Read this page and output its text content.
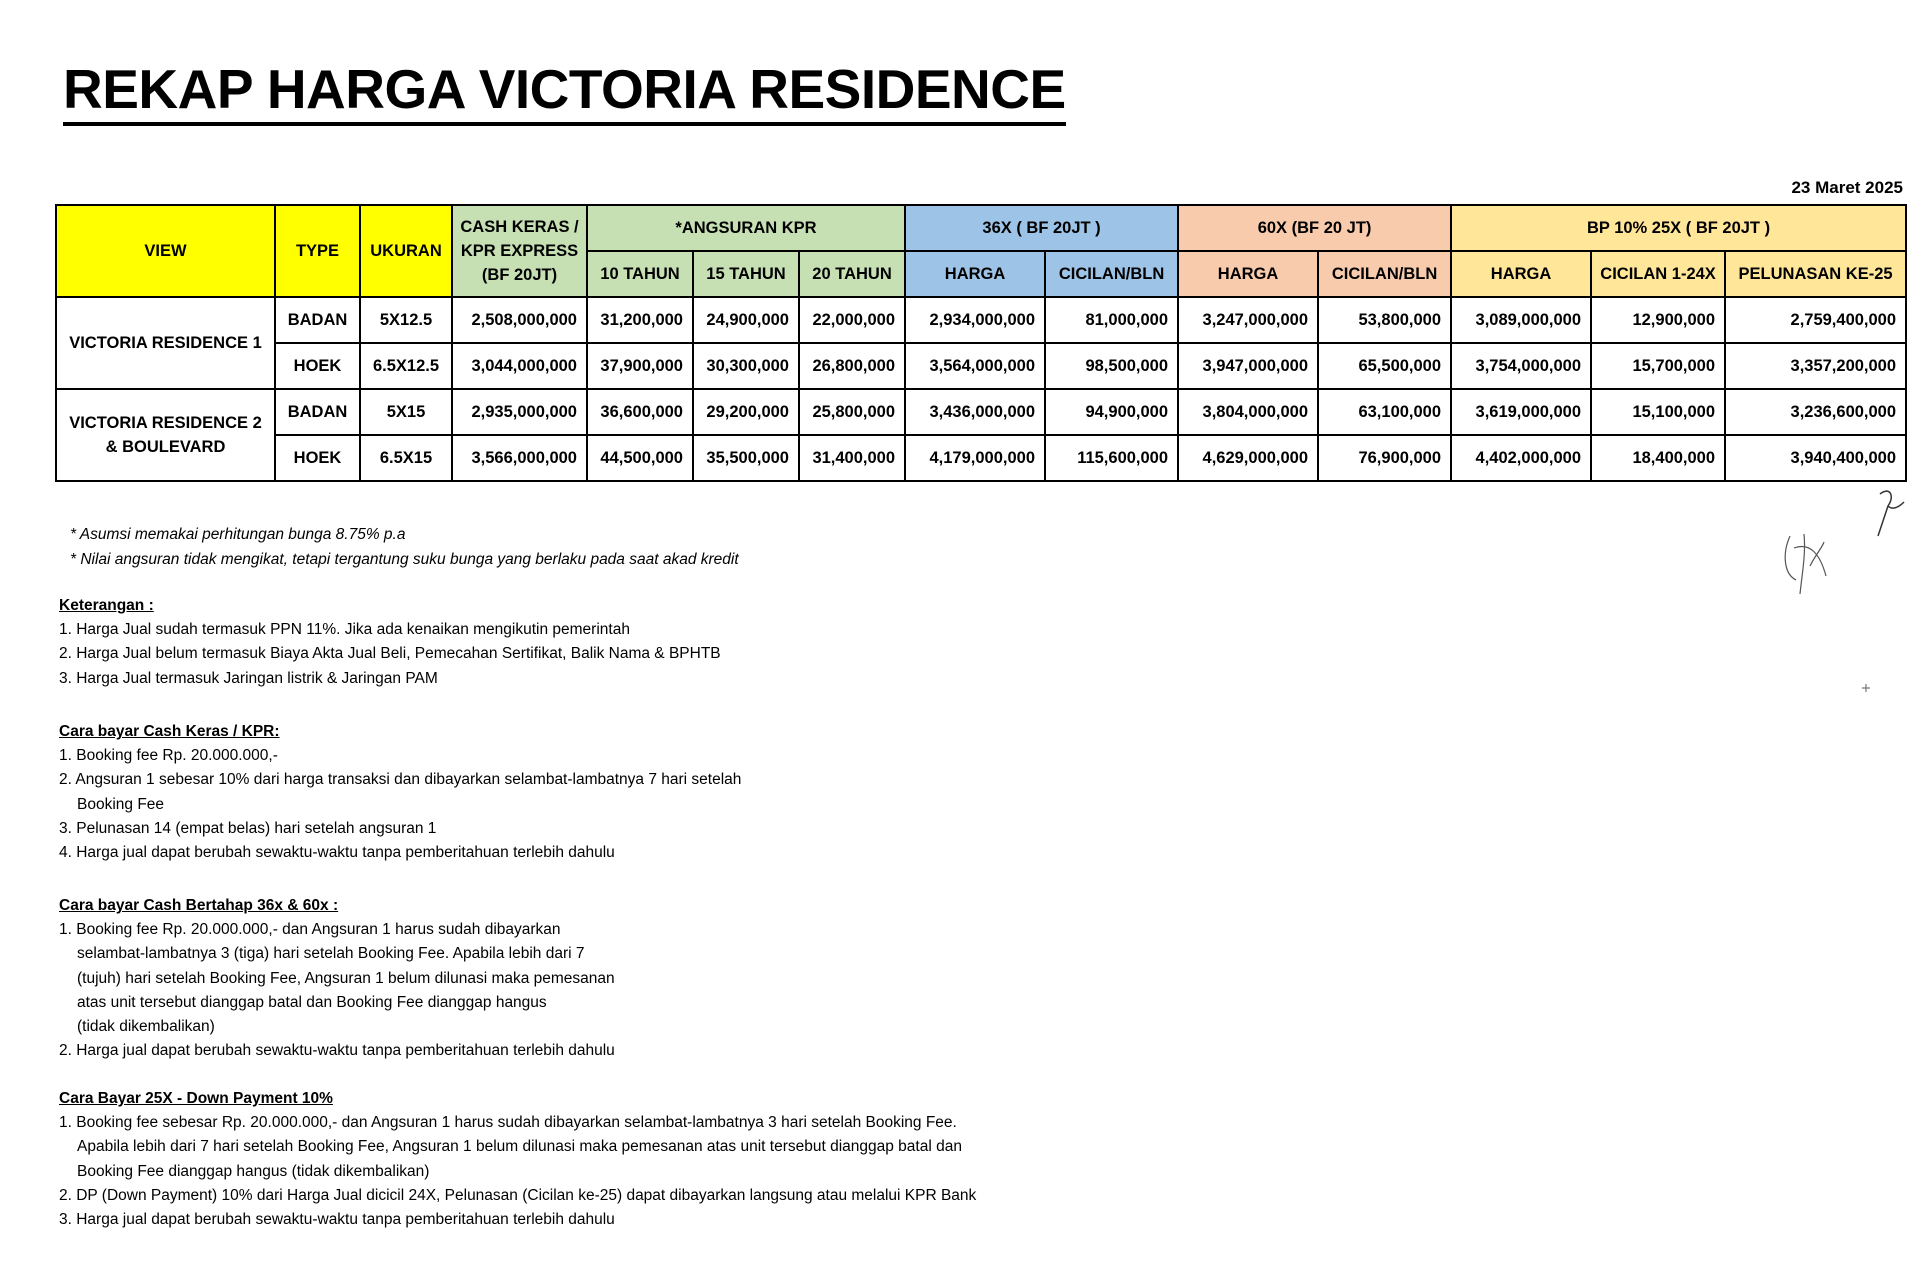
REKAP HARGA VICTORIA RESIDENCE
23 Maret 2025
VIEW	TYPE	UKURAN	CASH KERAS /
KPR EXPRESS
(BF 20JT)	*ANGSURAN KPR			36X ( BF 20JT )		60X (BF 20 JT)		BP 10% 25X ( BF 20JT )		
				10 TAHUN	15 TAHUN	20 TAHUN	HARGA	CICILAN/BLN	HARGA	CICILAN/BLN	HARGA	CICILAN 1-24X	PELUNASAN KE-25
VICTORIA RESIDENCE 1	BADAN	5X12.5	2,508,000,000	31,200,000	24,900,000	22,000,000	2,934,000,000	81,000,000	3,247,000,000	53,800,000	3,089,000,000	12,900,000	2,759,400,000
	HOEK	6.5X12.5	3,044,000,000	37,900,000	30,300,000	26,800,000	3,564,000,000	98,500,000	3,947,000,000	65,500,000	3,754,000,000	15,700,000	3,357,200,000
VICTORIA RESIDENCE 2 & BOULEVARD	BADAN	5X15	2,935,000,000	36,600,000	29,200,000	25,800,000	3,436,000,000	94,900,000	3,804,000,000	63,100,000	3,619,000,000	15,100,000	3,236,600,000
	HOEK	6.5X15	3,566,000,000	44,500,000	35,500,000	31,400,000	4,179,000,000	115,600,000	4,629,000,000	76,900,000	4,402,000,000	18,400,000	3,940,400,000
* Asumsi memakai perhitungan bunga 8.75% p.a
* Nilai angsuran tidak mengikat, tetapi tergantung suku bunga yang berlaku pada saat akad kredit
Keterangan :
1. Harga Jual sudah termasuk PPN 11%. Jika ada kenaikan mengikutin pemerintah
2. Harga Jual belum termasuk Biaya Akta Jual Beli, Pemecahan Sertifikat, Balik Nama & BPHTB
3. Harga Jual termasuk Jaringan listrik & Jaringan PAM
Cara bayar Cash Keras / KPR:
1. Booking fee Rp. 20.000.000,-
2. Angsuran 1 sebesar 10% dari harga transaksi dan dibayarkan selambat-lambatnya 7 hari setelah
Booking Fee
3. Pelunasan 14 (empat belas) hari setelah angsuran 1
4. Harga jual dapat berubah sewaktu-waktu tanpa pemberitahuan terlebih dahulu
Cara bayar Cash Bertahap 36x & 60x :
1. Booking fee Rp. 20.000.000,- dan Angsuran 1 harus sudah dibayarkan
selambat-lambatnya 3 (tiga) hari setelah Booking Fee. Apabila lebih dari 7
(tujuh) hari setelah Booking Fee, Angsuran 1 belum dilunasi maka pemesanan
atas unit tersebut dianggap batal dan Booking Fee dianggap hangus
(tidak dikembalikan)
2. Harga jual dapat berubah sewaktu-waktu tanpa pemberitahuan terlebih dahulu
Cara Bayar 25X - Down Payment 10%
1. Booking fee sebesar Rp. 20.000.000,- dan Angsuran 1 harus sudah dibayarkan selambat-lambatnya 3 hari setelah Booking Fee.
Apabila lebih dari 7 hari setelah Booking Fee, Angsuran 1 belum dilunasi maka pemesanan atas unit tersebut dianggap batal dan
Booking Fee dianggap hangus (tidak dikembalikan)
2. DP (Down Payment) 10% dari Harga Jual dicicil 24X, Pelunasan (Cicilan ke-25) dapat dibayarkan langsung atau melalui KPR Bank
3. Harga jual dapat berubah sewaktu-waktu tanpa pemberitahuan terlebih dahulu
